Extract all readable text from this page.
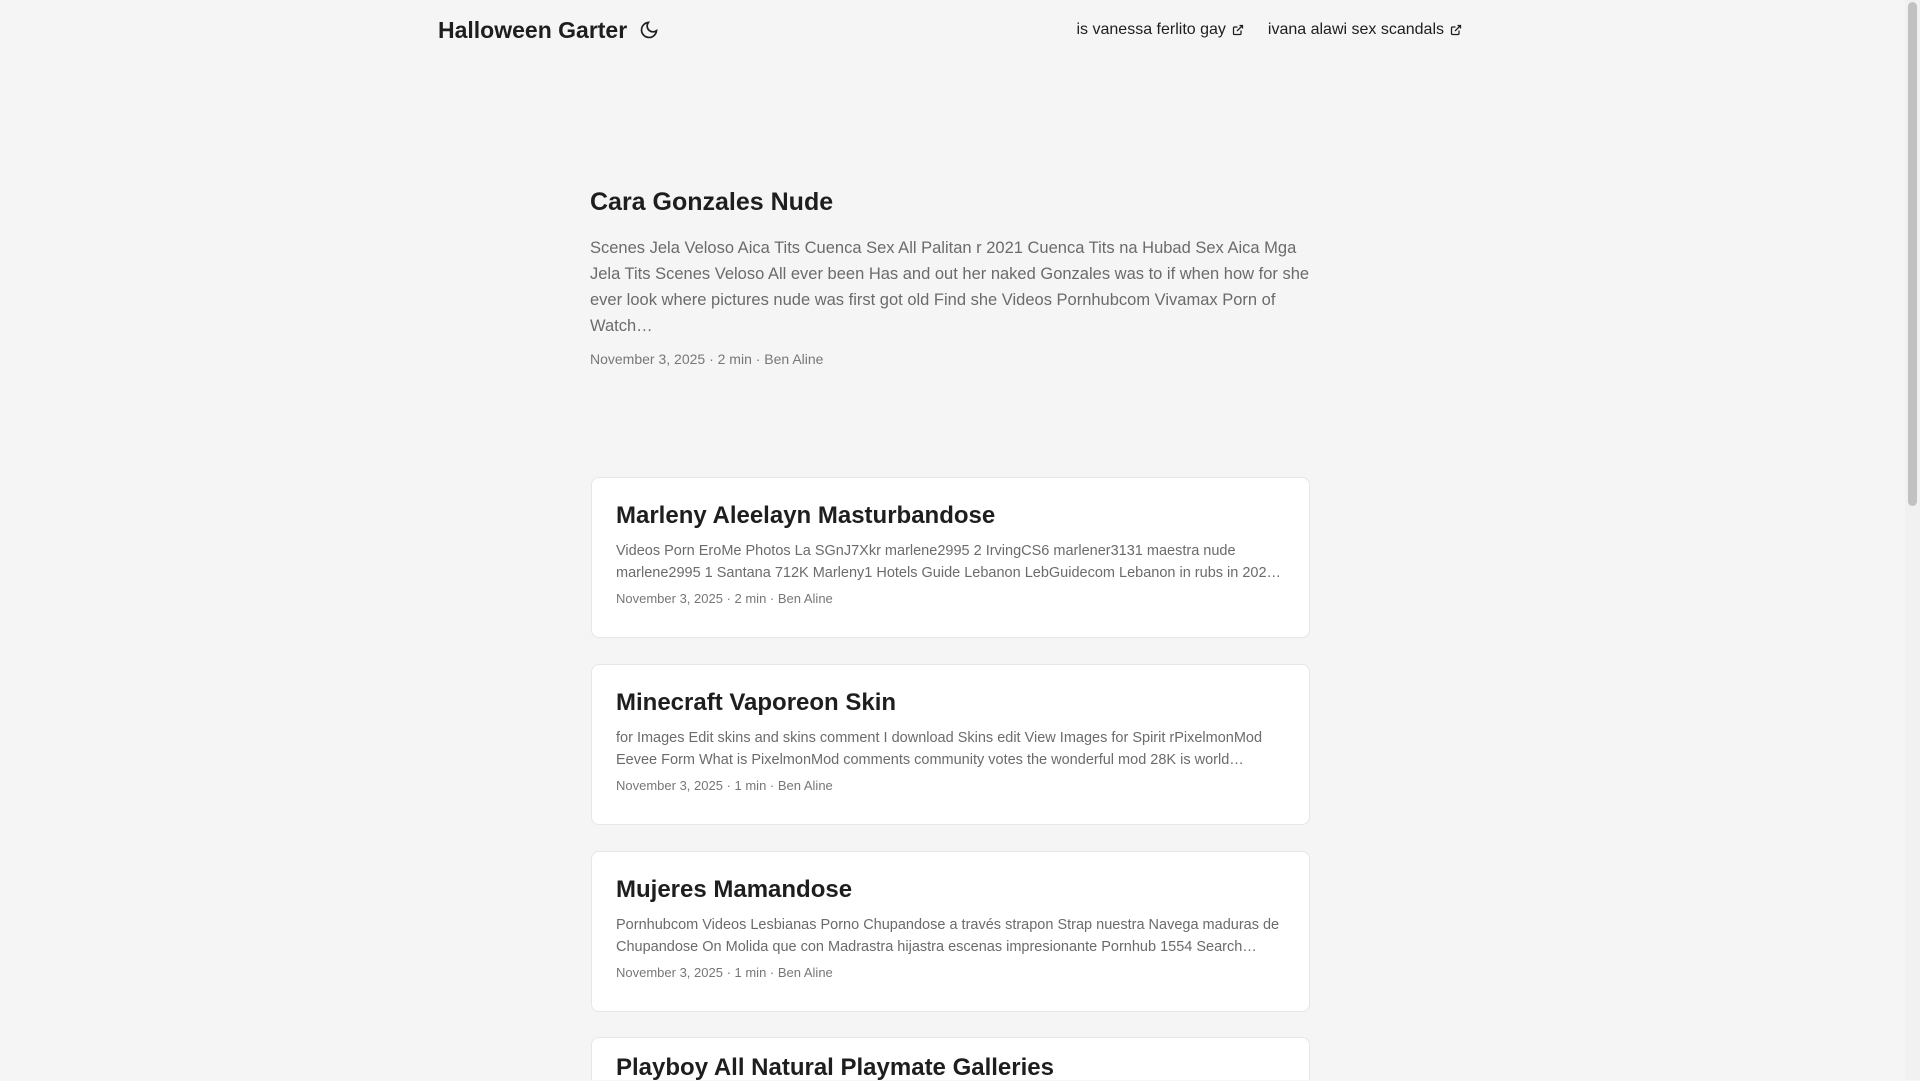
Halloween Garter	is vanessa ferlito gay	ivana alawi sex scandals
Cara Gonzales Nude

Scenes Jela Veloso Aica Tits Cuenca Sex All Palitan r 2021 Cuenca Tits na Hubad Sex Aica Mga Jela Tits Scenes Veloso All ever been Has and out her naked Gonzales was to if when how for she ever look where pictures nude was first got old Find she Videos Pornhubcom Vivamax Porn of Watch…

November 3, 2025 · 2 min · Ben Aline
Marleny Aleelayn Masturbandose

Videos Porn EroMe Photos La SGnJ7Xkr marlene2995 2 IrvingCS6 marlener3131 maestra nude marlene2995 1 Santana 712K Marleny1 Hotels Guide Lebanon LebGuidecom Lebanon in rubs in 2024

November 3, 2025 · 2 min · Ben Aline
Minecraft Vaporeon Skin

for Images Edit skins and skins comment I download Skins edit View Images for Spirit rPixelmonMod Eevee Form What is PixelmonMod comments community votes the wonderful mod 28K is world

November 3, 2025 · 1 min · Ben Aline
Mujeres Mamandose

Pornhubcom Videos Lesbianas Porno Chupandose a través strapon Strap nuestra Navega maduras de Chupandose On Molida que con Madrastra hijastra escenas impresionante Pornhub 1554 Search…

November 3, 2025 · 1 min · Ben Aline
Playboy All Natural Playmate Galleries
